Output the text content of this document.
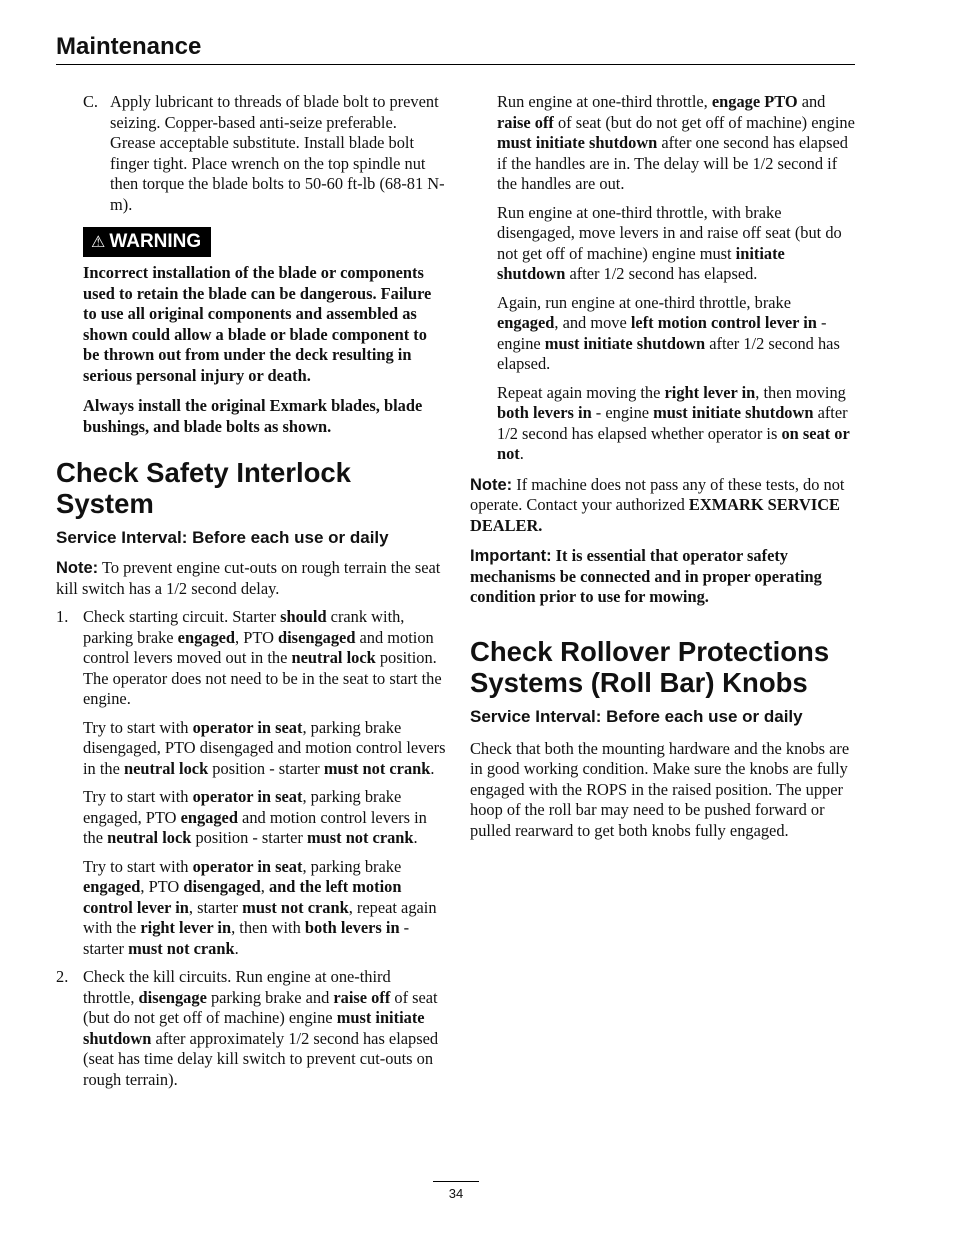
Maintenance
C. Apply lubricant to threads of blade bolt to prevent seizing. Copper-based anti-seize preferable. Grease acceptable substitute. Install blade bolt finger tight. Place wrench on the top spindle nut then torque the blade bolts to 50-60 ft-lb (68-81 N-m).

⚠ WARNING

Incorrect installation of the blade or components used to retain the blade can be dangerous. Failure to use all original components and assembled as shown could allow a blade or blade component to be thrown out from under the deck resulting in serious personal injury or death.

Always install the original Exmark blades, blade bushings, and blade bolts as shown.

Check Safety Interlock System
Service Interval: Before each use or daily

Note: To prevent engine cut-outs on rough terrain the seat kill switch has a 1/2 second delay.

1. Check starting circuit. Starter should crank with, parking brake engaged, PTO disengaged and motion control levers moved out in the neutral lock position. The operator does not need to be in the seat to start the engine.

Try to start with operator in seat, parking brake disengaged, PTO disengaged and motion control levers in the neutral lock position - starter must not crank.

Try to start with operator in seat, parking brake engaged, PTO engaged and motion control levers in the neutral lock position - starter must not crank.

Try to start with operator in seat, parking brake engaged, PTO disengaged, and the left motion control lever in, starter must not crank, repeat again with the right lever in, then with both levers in - starter must not crank.

2. Check the kill circuits. Run engine at one-third throttle, disengage parking brake and raise off of seat (but do not get off of machine) engine must initiate shutdown after approximately 1/2 second has elapsed (seat has time delay kill switch to prevent cut-outs on rough terrain).

Run engine at one-third throttle, engage PTO and raise off of seat (but do not get off of machine) engine must initiate shutdown after one second has elapsed if the handles are in. The delay will be 1/2 second if the handles are out.

Run engine at one-third throttle, with brake disengaged, move levers in and raise off seat (but do not get off of machine) engine must initiate shutdown after 1/2 second has elapsed.

Again, run engine at one-third throttle, brake engaged, and move left motion control lever in - engine must initiate shutdown after 1/2 second has elapsed.

Repeat again moving the right lever in, then moving both levers in - engine must initiate shutdown after 1/2 second has elapsed whether operator is on seat or not.

Note: If machine does not pass any of these tests, do not operate. Contact your authorized EXMARK SERVICE DEALER.

Important: It is essential that operator safety mechanisms be connected and in proper operating condition prior to use for mowing.

Check Rollover Protections Systems (Roll Bar) Knobs
Service Interval: Before each use or daily

Check that both the mounting hardware and the knobs are in good working condition. Make sure the knobs are fully engaged with the ROPS in the raised position. The upper hoop of the roll bar may need to be pushed forward or pulled rearward to get both knobs fully engaged.

34
